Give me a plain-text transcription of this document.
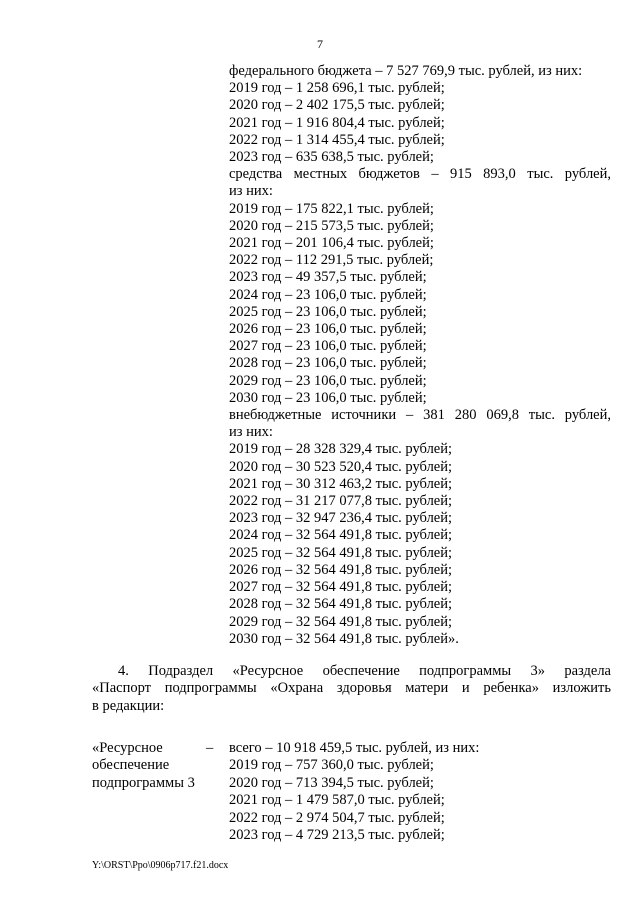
7
федерального бюджета – 7 527 769,9 тыс. рублей, из них:
2019 год – 1 258 696,1 тыс. рублей;
2020 год – 2 402 175,5 тыс. рублей;
2021 год – 1 916 804,4 тыс. рублей;
2022 год – 1 314 455,4 тыс. рублей;
2023 год – 635 638,5 тыс. рублей;
средства местных бюджетов – 915 893,0 тыс. рублей,
из них:
2019 год – 175 822,1 тыс. рублей;
2020 год – 215 573,5 тыс. рублей;
2021 год – 201 106,4 тыс. рублей;
2022 год – 112 291,5 тыс. рублей;
2023 год – 49 357,5 тыс. рублей;
2024 год – 23 106,0 тыс. рублей;
2025 год – 23 106,0 тыс. рублей;
2026 год – 23 106,0 тыс. рублей;
2027 год – 23 106,0 тыс. рублей;
2028 год – 23 106,0 тыс. рублей;
2029 год – 23 106,0 тыс. рублей;
2030 год – 23 106,0 тыс. рублей;
внебюджетные источники – 381 280 069,8 тыс. рублей,
из них:
2019 год – 28 328 329,4 тыс. рублей;
2020 год – 30 523 520,4 тыс. рублей;
2021 год – 30 312 463,2 тыс. рублей;
2022 год – 31 217 077,8 тыс. рублей;
2023 год – 32 947 236,4 тыс. рублей;
2024 год – 32 564 491,8 тыс. рублей;
2025 год – 32 564 491,8 тыс. рублей;
2026 год – 32 564 491,8 тыс. рублей;
2027 год – 32 564 491,8 тыс. рублей;
2028 год – 32 564 491,8 тыс. рублей;
2029 год – 32 564 491,8 тыс. рублей;
2030 год – 32 564 491,8 тыс. рублей».
4. Подраздел «Ресурсное обеспечение подпрограммы 3» раздела
«Паспорт подпрограммы «Охрана здоровья матери и ребенка» изложить
в редакции:
«Ресурсное
обеспечение
подпрограммы 3
– всего – 10 918 459,5 тыс. рублей, из них:
2019 год – 757 360,0 тыс. рублей;
2020 год – 713 394,5 тыс. рублей;
2021 год – 1 479 587,0 тыс. рублей;
2022 год – 2 974 504,7 тыс. рублей;
2023 год – 4 729 213,5 тыс. рублей;
Y:\ORST\Ppo\0906p717.f21.docx
